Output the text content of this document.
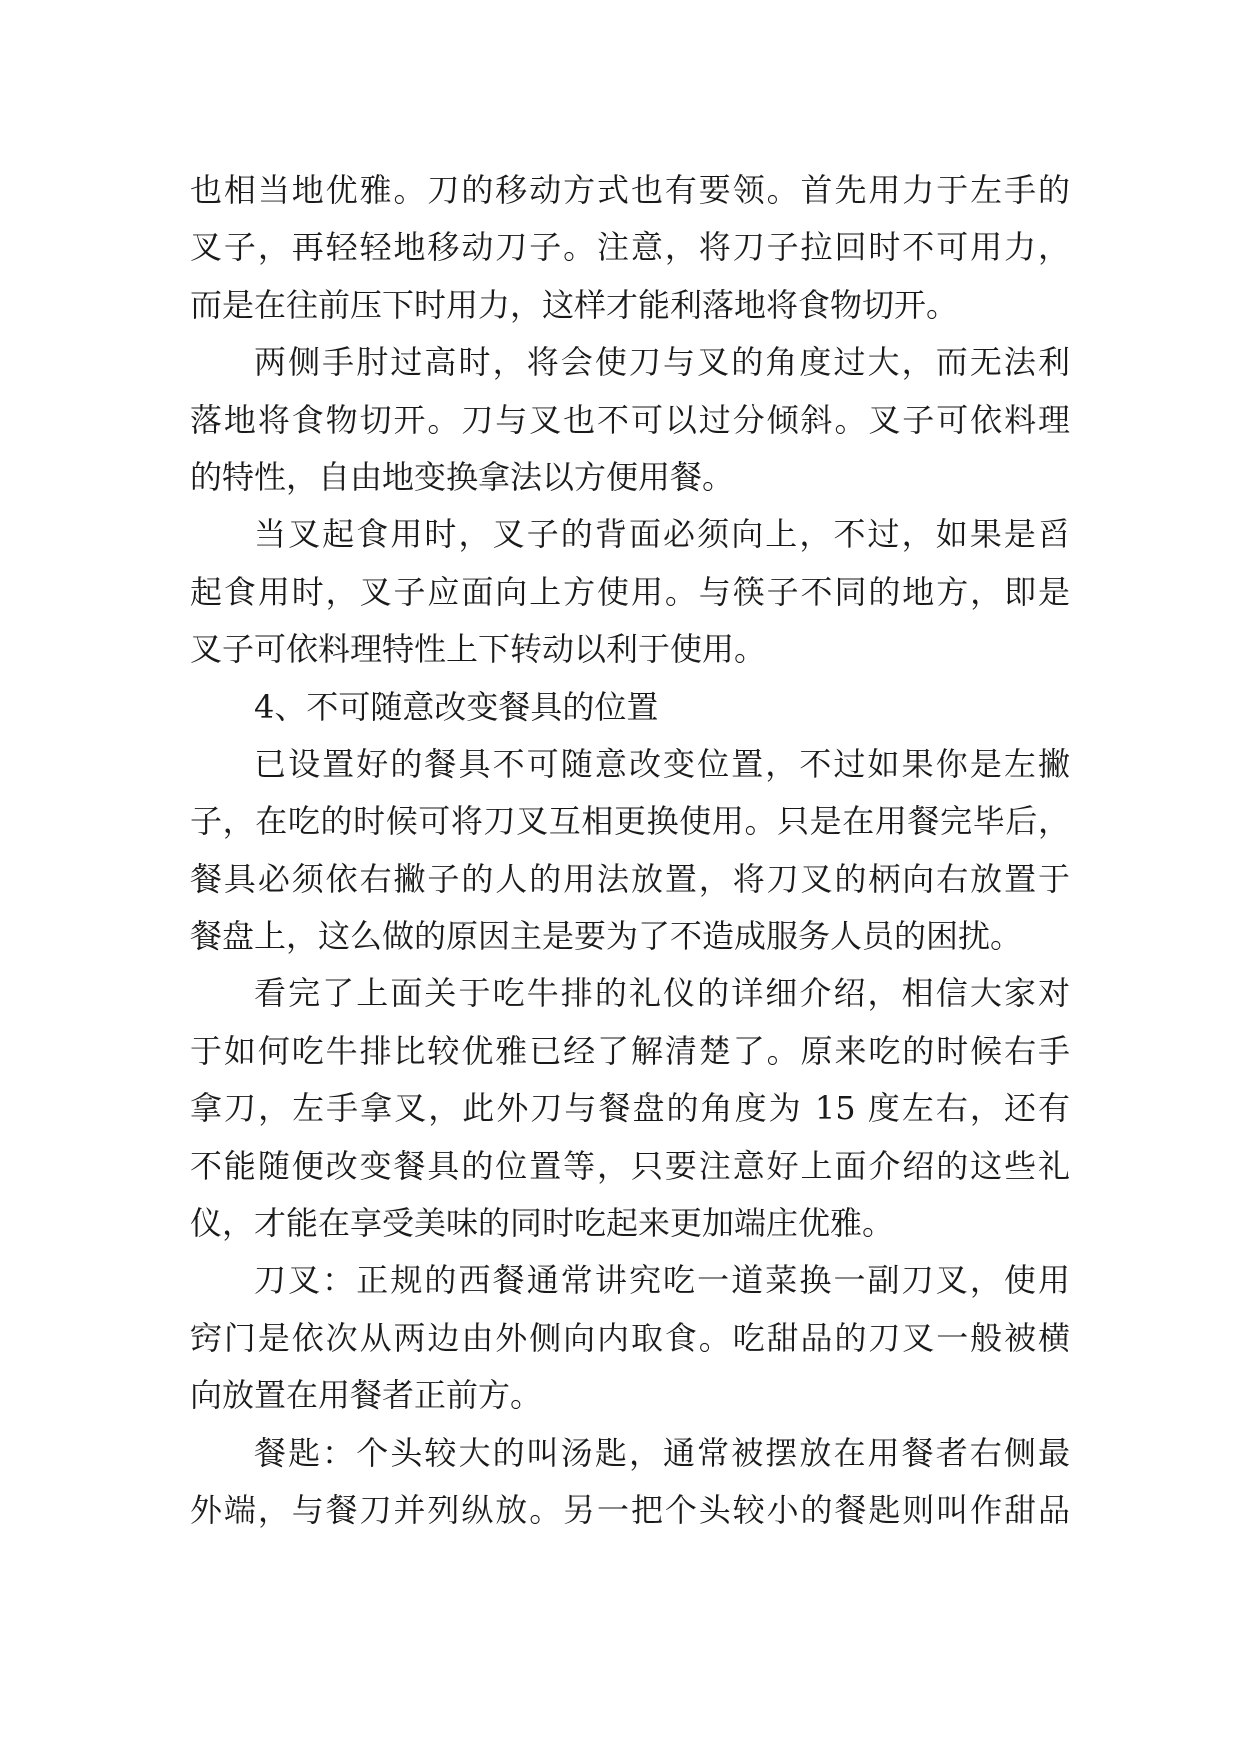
也相当地优雅。刀的移动方式也有要领。首先用力于左手的
叉子，再轻轻地移动刀子。注意，将刀子拉回时不可用力，
而是在往前压下时用力，这样才能利落地将食物切开。
两侧手肘过高时，将会使刀与叉的角度过大，而无法利
落地将食物切开。刀与叉也不可以过分倾斜。叉子可依料理
的特性，自由地变换拿法以方便用餐。
当叉起食用时，叉子的背面必须向上，不过，如果是舀
起食用时，叉子应面向上方使用。与筷子不同的地方，即是
叉子可依料理特性上下转动以利于使用。
4、不可随意改变餐具的位置
已设置好的餐具不可随意改变位置，不过如果你是左撇
子，在吃的时候可将刀叉互相更换使用。只是在用餐完毕后，
餐具必须依右撇子的人的用法放置，将刀叉的柄向右放置于
餐盘上，这么做的原因主是要为了不造成服务人员的困扰。
看完了上面关于吃牛排的礼仪的详细介绍，相信大家对
于如何吃牛排比较优雅已经了解清楚了。原来吃的时候右手
拿刀，左手拿叉，此外刀与餐盘的角度为 15 度左右，还有
不能随便改变餐具的位置等，只要注意好上面介绍的这些礼
仪，才能在享受美味的同时吃起来更加端庄优雅。
刀叉：正规的西餐通常讲究吃一道菜换一副刀叉，使用
窍门是依次从两边由外侧向内取食。吃甜品的刀叉一般被横
向放置在用餐者正前方。
餐匙：个头较大的叫汤匙，通常被摆放在用餐者右侧最
外端，与餐刀并列纵放。另一把个头较小的餐匙则叫作甜品
